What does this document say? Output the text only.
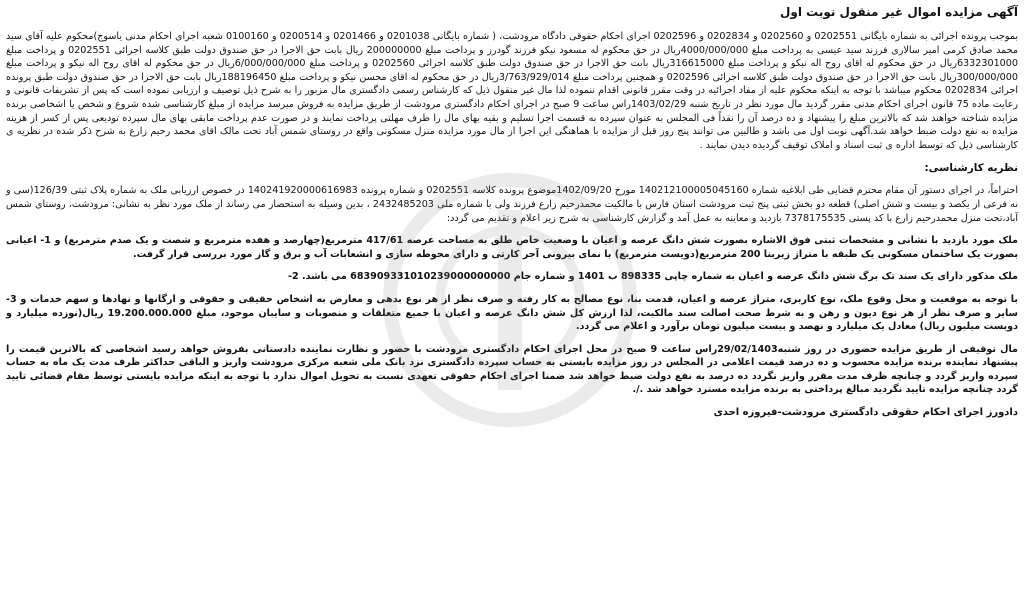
آگهی مزایده اموال غیر منقول نوبت اول
بموجب پرونده اجرائی به شماره بایگانی 0202551 و 0202560 و 0202834 و 0202596 اجرای احکام حقوقی دادگاه مرودشت، ( شماره بایگانی 0201038 و 0201466 و 0200514 و 0100160 شعبه اجرای احکام مدنی یاسوج)محکوم علیه آقای سید محمد صادق کرمی امیر سالاری فرزند سید عیسی به پرداخت مبلغ 4000/000/000ریال در حق محکوم له مسعود نیکو فرزند گودرز و پرداخت مبلغ 200000000 ریال بابت حق الاجرا در حق صندوق دولت طبق کلاسه اجرائی 0202551 و پرداخت مبلغ 6332301000ریال در حق محکوم له اقای روح اله نیکو و پرداخت مبلغ 316615000ریال بابت حق الاجرا در حق صندوق دولت طبق کلاسه اجرائی 0202560 و پرداخت مبلغ 6/000/000/000ریال در حق محکوم له اقای روح اله نیکو و پرداخت مبلغ 300/000/000ریال بابت حق الاجرا در حق صندوق دولت طبق کلاسه اجرائی 0202596 و همچنین پرداخت مبلغ 3/763/929/014ریال در حق محکوم له اقای محسن نیکو و پرداخت مبلغ 188196450ریال بابت حق الاجرا در حق صندوق دولت طبق پرونده اجرائی 0202834 محکوم میباشد با توجه به اینکه محکوم علیه از مفاد اجرائیه در وقت مقرر قانونی اقدام ننموده لذا مال غیر منقول ذیل که کارشناس رسمی دادگستری مال مزبور را به شرح ذیل توصیف و ارزیابی نموده است که پس از تشریفات قانونی و رعایت ماده 75 قانون اجرای احکام مدنی مقرر گردید مال مورد نظر در تاریخ شنبه 1403/02/29راس ساعت 9 صبح در اجرای احکام دادگستری مرودشت از طریق مزایده به فروش میرسد مزایده از مبلغ کارشناسی شده شروع و شخص یا اشخاصی برنده مزایده شناخته خواهند شد که بالاترین مبلغ را پیشنهاد و ده درصد آن را نقداً فی المجلس به عنوان سپرده به قسمت اجرا تسلیم و بقیه بهای مال را ظرف مهلتی پرداخت نمایند و در صورت عدم پرداخت مابقی بهای مال سپرده تودیعی پس از کسر از هزینه مزایده به نفع دولت ضبط خواهد شد.آگهی نوبت اول می باشد و طالبین می توانند پنج روز قبل از مزایده با هماهنگی این اجرا از مال مورد مزایده منزل مسکونی واقع در روستای شمس آباد تحت مالک اقای محمد رحیم زارع به شرح ذکر شده در نظریه ی کارشناسی ذیل که توسط اداره ی ثبت اسناد و املاک توقیف گردیده دیدن نمایند .
نظریه کارشناسی:
احتراماً، در اجرای دستور آن مقام محترم قضایی طی ابلاغیه شماره 140212100005045160 مورخ 1402/09/20موضوع پرونده کلاسه 0202551 و شماره پرونده 140241920000616983 در خصوص ارزیابی ملک به شماره پلاک ثبتی 126/39(سی و نه فرعی از یکصد و بیست و شش اصلی) قطعه دو بخش ثبتی پنج ثبت مرودشت استان فارس با مالکیت محمدرحیم زارع فرزند ولی با شماره ملی 2432485203 ، بدین وسیله به استحضار می رساند از ملک مورد نظر به نشانی: مرودشت، روستای شمس آباد،تحت منزل محمدرحیم زارع با کد پستی 7378175535 بازدید و معاینه به عمل آمد و گزارش کارشناسی به شرح زیر اعلام و تقدیم می گردد:
ملک مورد بازدید با نشانی و مشخصات ثبتی فوق الاشاره بصورت شش دانگ عرصه و اعیان با وضعیت خاص طلق به مساحت عرصه 417/61 مترمربع(چهارصد و هفده مترمربع و شصت و یک صدم مترمربع) و 1- اعیانی بصورت یک ساختمان مسکونی یک طبقه با متراژ زیربنا 200 مترمربع(دویست مترمربع) با نمای بیرونی آجر کارتی و دارای محوطه سازی و انشعابات آب و برق و گاز مورد بررسی قرار گرفت.
ملک مذکور دارای یک سند تک برگ شش دانگ عرصه و اعیان به شماره چاپی 898335 ب 1401 و شماره جام 683909331010239000000000 می باشد. 2-
با توجه به موقعیت و محل وقوع ملک، نوع کاربری، متراژ عرصه و اعیان، قدمت بنا، نوع مصالح به کار رفته و صرف نظر از هر نوع بدهی و معارض به اشخاص حقیقی و حقوقی و ارگانها و نهادها و سهم خدمات و 3- سایر و صرف نظر از هر نوع دیون و رهن و به شرط صحت اصالت سند مالکیت، لذا ارزش کل شش دانگ عرصه و اعیان با جمیع متعلقات و منصوبات و سایبان موجود، مبلغ 19.200.000.000 ریال(نوزده میلیارد و دویست میلیون ریال) معادل یک میلیارد و نهصد و بیست میلیون تومان برآورد و اعلام می گردد.
مال توقیفی از طریق مزایده حضوری در روز شنبه29/02/1403راس ساعت 9 صبح در محل اجرای احکام دادگستری مرودشت با حضور و نظارت نماینده دادستانی بفروش خواهد رسید اشخاصی که بالاترین قیمت را پیشنهاد نماینده برنده مزایده محسوب و ده درصد قیمت اعلامی در المجلس در روز مزایده بایستی به حساب سپرده دادگستری نزد بانک ملی شعبه مرکزی مرودشت واریز و الباقی حداکثر ظرف مدت یک ماه به حساب سپرده واریز گردد و چنانچه ظرف مدت مقرر واریز نگردد ده درصد به نفع دولت ضبط خواهد شد ضمنا اجرای احکام حقوقی تعهدی نسبت به تحویل اموال ندارد با توجه به اینکه مزایده بایستی توسط مقام قضائی تایید گردد چنانچه مزایده تایید نگردید مبالغ پرداختی به برنده مزایده مسترد خواهد شد ./.
دادورز اجرای احکام حقوقی دادگستری مرودشت-فیروزه احدی
